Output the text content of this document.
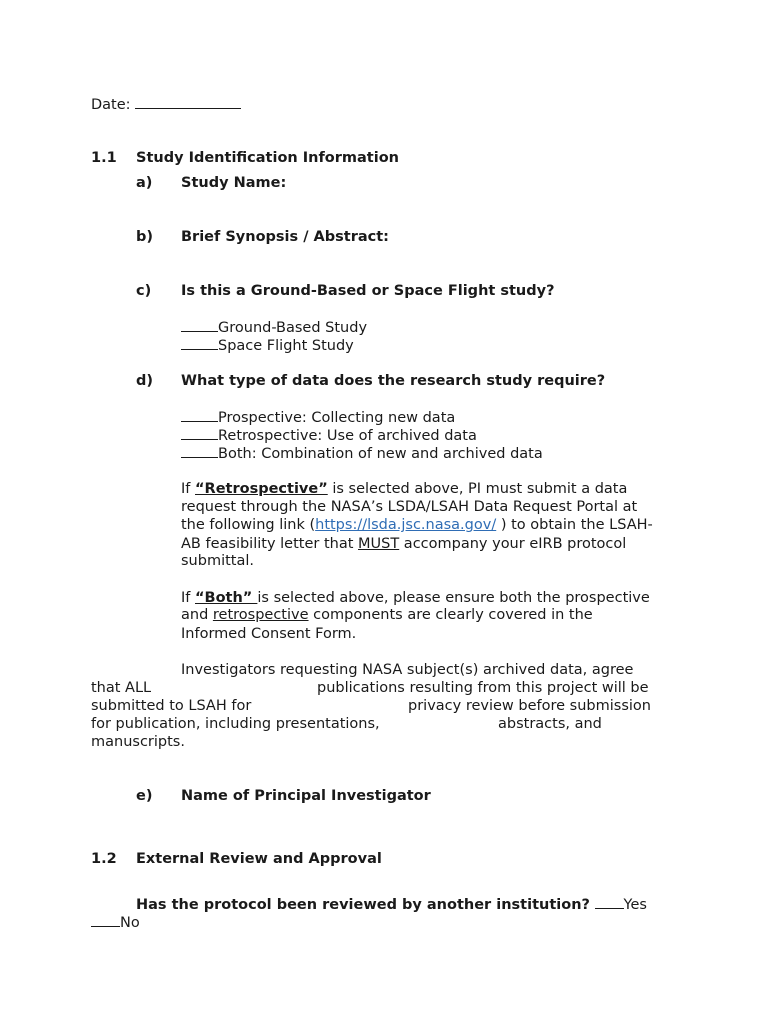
Date:
1.1 Study Identification Information
a) Study Name:
b) Brief Synopsis / Abstract:
c) Is this a Ground-Based or Space Flight study?
Ground-Based Study
Space Flight Study
d) What type of data does the research study require?
Prospective: Collecting new data
Retrospective: Use of archived data
Both: Combination of new and archived data
If “Retrospective” is selected above, PI must submit a data
request through the NASA’s LSDA/LSAH Data Request Portal at
the following link (https://lsda.jsc.nasa.gov/ ) to obtain the LSAH-
AB feasibility letter that MUST accompany your eIRB protocol
submittal.
If “Both” is selected above, please ensure both the prospective
and retrospective components are clearly covered in the
Informed Consent Form.
Investigators requesting NASA subject(s) archived data, agree
that ALL	publications resulting from this project will be
submitted to LSAH for	privacy review before submission
for publication, including presentations,	abstracts, and
manuscripts.
e) Name of Principal Investigator
1.2 External Review and Approval
Has the protocol been reviewed by another institution? Yes
No
